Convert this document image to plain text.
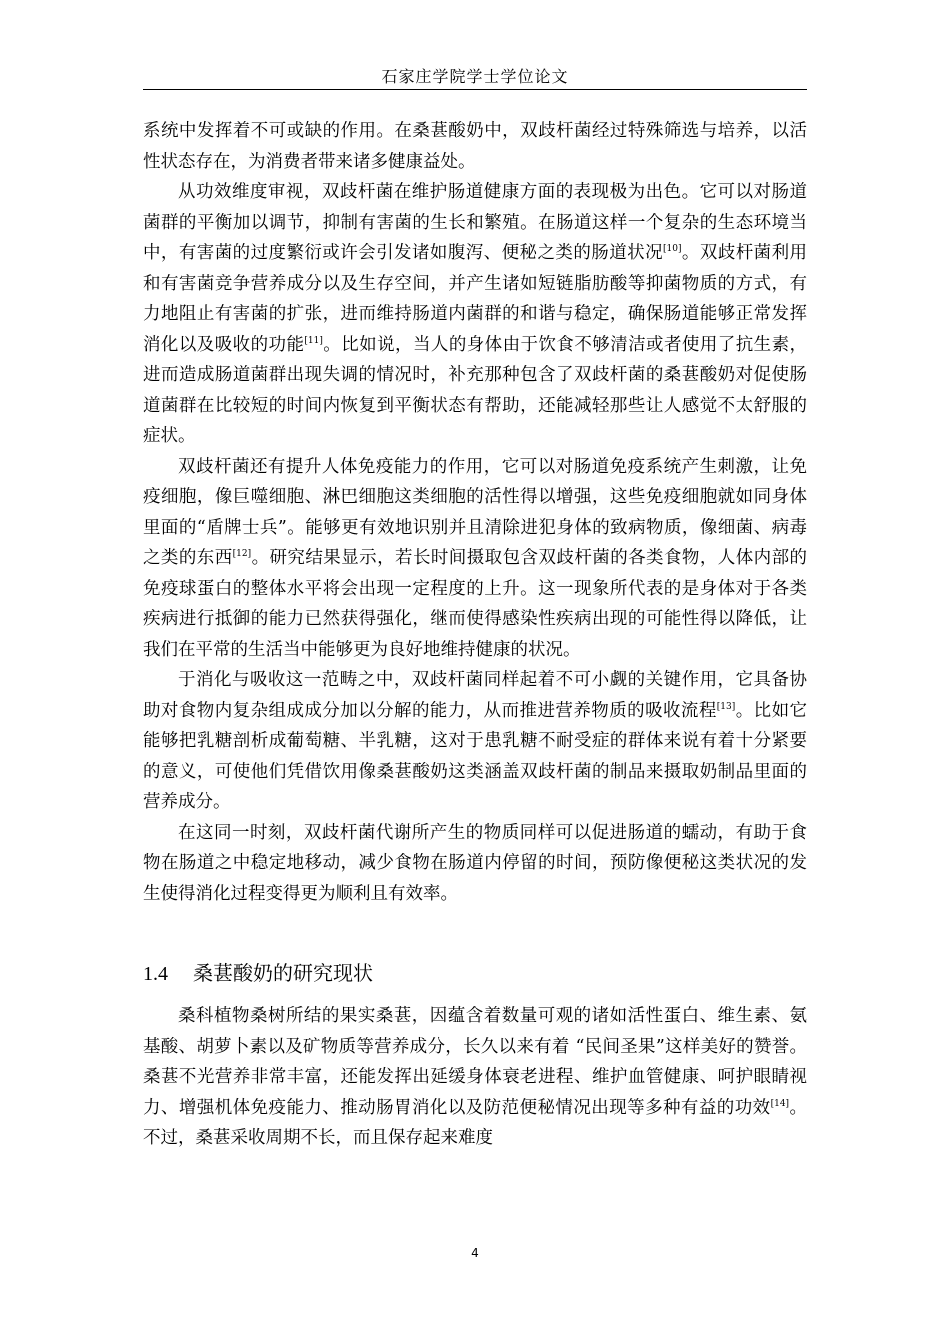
石家庄学院学士学位论文

系统中发挥着不可或缺的作用。在桑葚酸奶中，双歧杆菌经过特殊筛选与培养，以活性状态存在，为消费者带来诸多健康益处。

从功效维度审视，双歧杆菌在维护肠道健康方面的表现极为出色。它可以对肠道菌群的平衡加以调节，抑制有害菌的生长和繁殖。在肠道这样一个复杂的生态环境当中，有害菌的过度繁衍或许会引发诸如腹泻、便秘之类的肠道状况[10]。双歧杆菌利用和有害菌竞争营养成分以及生存空间，并产生诸如短链脂肪酸等抑菌物质的方式，有力地阻止有害菌的扩张，进而维持肠道内菌群的和谐与稳定，确保肠道能够正常发挥消化以及吸收的功能[11]。比如说，当人的身体由于饮食不够清洁或者使用了抗生素，进而造成肠道菌群出现失调的情况时，补充那种包含了双歧杆菌的桑葚酸奶对促使肠道菌群在比较短的时间内恢复到平衡状态有帮助，还能减轻那些让人感觉不太舒服的症状。

双歧杆菌还有提升人体免疫能力的作用，它可以对肠道免疫系统产生刺激，让免疫细胞，像巨噬细胞、淋巴细胞这类细胞的活性得以增强，这些免疫细胞就如同身体里面的“盾牌士兵”。能够更有效地识别并且清除进犯身体的致病物质，像细菌、病毒之类的东西[12]。研究结果显示，若长时间摄取包含双歧杆菌的各类食物，人体内部的免疫球蛋白的整体水平将会出现一定程度的上升。这一现象所代表的是身体对于各类疾病进行抵御的能力已然获得强化，继而使得感染性疾病出现的可能性得以降低，让我们在平常的生活当中能够更为良好地维持健康的状况。

于消化与吸收这一范畴之中，双歧杆菌同样起着不可小觑的关键作用，它具备协助对食物内复杂组成成分加以分解的能力，从而推进营养物质的吸收流程[13]。比如它能够把乳糖剖析成葡萄糖、半乳糖，这对于患乳糖不耐受症的群体来说有着十分紧要的意义，可使他们凭借饮用像桑葚酸奶这类涵盖双歧杆菌的制品来摄取奶制品里面的营养成分。

在这同一时刻，双歧杆菌代谢所产生的物质同样可以促进肠道的蠕动，有助于食物在肠道之中稳定地移动，减少食物在肠道内停留的时间，预防像便秘这类状况的发生使得消化过程变得更为顺利且有效率。

1.4 桑葚酸奶的研究现状

桑科植物桑树所结的果实桑葚，因蕴含着数量可观的诸如活性蛋白、维生素、氨基酸、胡萝卜素以及矿物质等营养成分，长久以来有着 “民间圣果”这样美好的赞誉。桑葚不光营养非常丰富，还能发挥出延缓身体衰老进程、维护血管健康、呵护眼睛视力、增强机体免疫能力、推动肠胃消化以及防范便秘情况出现等多种有益的功效[14]。不过，桑葚采收周期不长，而且保存起来难度

4
